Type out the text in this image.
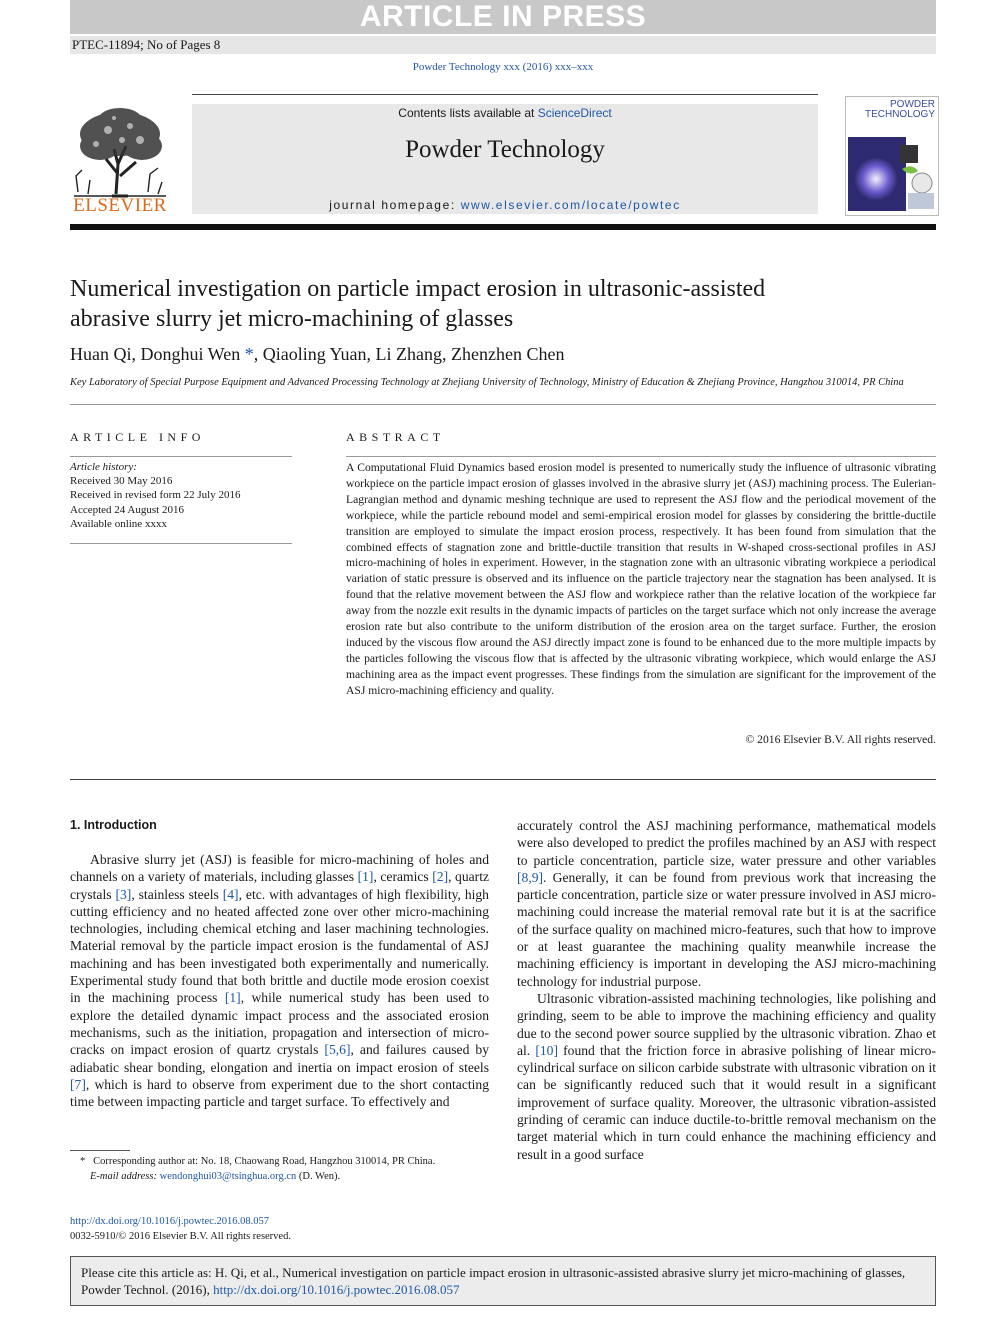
ARTICLE IN PRESS
PTEC-11894; No of Pages 8
Powder Technology xxx (2016) xxx–xxx
Contents lists available at ScienceDirect
Powder Technology
journal homepage: www.elsevier.com/locate/powtec
ELSEVIER
POWDER
TECHNOLOGY
Numerical investigation on particle impact erosion in ultrasonic-assisted
abrasive slurry jet micro-machining of glasses
Huan Qi, Donghui Wen *, Qiaoling Yuan, Li Zhang, Zhenzhen Chen
Key Laboratory of Special Purpose Equipment and Advanced Processing Technology at Zhejiang University of Technology, Ministry of Education & Zhejiang Province, Hangzhou 310014, PR China
ARTICLE INFO
Article history:
Received 30 May 2016
Received in revised form 22 July 2016
Accepted 24 August 2016
Available online xxxx
ABSTRACT
A Computational Fluid Dynamics based erosion model is presented to numerically study the influence of ultrasonic vibrating workpiece on the particle impact erosion of glasses involved in the abrasive slurry jet (ASJ) machining process. The Eulerian-Lagrangian method and dynamic meshing technique are used to represent the ASJ flow and the periodical movement of the workpiece, while the particle rebound model and semi-empirical erosion model for glasses by considering the brittle-ductile transition are employed to simulate the impact erosion process, respectively. It has been found from simulation that the combined effects of stagnation zone and brittle-ductile transition that results in W-shaped cross-sectional profiles in ASJ micro-machining of holes in experiment. However, in the stagnation zone with an ultrasonic vibrating workpiece a periodical variation of static pressure is observed and its influence on the particle trajectory near the stagnation has been analysed. It is found that the relative movement between the ASJ flow and workpiece rather than the relative location of the workpiece far away from the nozzle exit results in the dynamic impacts of particles on the target surface which not only increase the average erosion rate but also contribute to the uniform distribution of the erosion area on the target surface. Further, the erosion induced by the viscous flow around the ASJ directly impact zone is found to be enhanced due to the more multiple impacts by the particles following the viscous flow that is affected by the ultrasonic vibrating workpiece, which would enlarge the ASJ machining area as the impact event progresses. These findings from the simulation are significant for the improvement of the ASJ micro-machining efficiency and quality.
© 2016 Elsevier B.V. All rights reserved.
1. Introduction

Abrasive slurry jet (ASJ) is feasible for micro-machining of holes and channels on a variety of materials, including glasses [1], ceramics [2], quartz crystals [3], stainless steels [4], etc. with advantages of high flexibility, high cutting efficiency and no heated affected zone over other micro-machining technologies, including chemical etching and laser machining technologies. Material removal by the particle impact erosion is the fundamental of ASJ machining and has been investigated both experimentally and numerically. Experimental study found that both brittle and ductile mode erosion coexist in the machining process [1], while numerical study has been used to explore the detailed dynamic impact process and the associated erosion mechanisms, such as the initiation, propagation and intersection of micro-cracks on impact erosion of quartz crystals [5,6], and failures caused by adiabatic shear bonding, elongation and inertia on impact erosion of steels [7], which is hard to observe from experiment due to the short contacting time between impacting particle and target surface. To effectively and

* Corresponding author at: No. 18, Chaowang Road, Hangzhou 310014, PR China.
E-mail address: wendonghui03@tsinghua.org.cn (D. Wen).
http://dx.doi.org/10.1016/j.powtec.2016.08.057
0032-5910/© 2016 Elsevier B.V. All rights reserved.

accurately control the ASJ machining performance, mathematical models were also developed to predict the profiles machined by an ASJ with respect to particle concentration, particle size, water pressure and other variables [8,9]. Generally, it can be found from previous work that increasing the particle concentration, particle size or water pressure involved in ASJ micro-machining could increase the material removal rate but it is at the sacrifice of the surface quality on machined micro-features, such that how to improve or at least guarantee the machining quality meanwhile increase the machining efficiency is important in developing the ASJ micro-machining technology for industrial purpose.

Ultrasonic vibration-assisted machining technologies, like polishing and grinding, seem to be able to improve the machining efficiency and quality due to the second power source supplied by the ultrasonic vibration. Zhao et al. [10] found that the friction force in abrasive polishing of linear micro-cylindrical surface on silicon carbide substrate with ultrasonic vibration on it can be significantly reduced such that it would result in a significant improvement of surface quality. Moreover, the ultrasonic vibration-assisted grinding of ceramic can induce ductile-to-brittle removal mechanism on the target material which in turn could enhance the machining efficiency and result in a good surface

Please cite this article as: H. Qi, et al., Numerical investigation on particle impact erosion in ultrasonic-assisted abrasive slurry jet micro-machining of glasses, Powder Technol. (2016), http://dx.doi.org/10.1016/j.powtec.2016.08.057
